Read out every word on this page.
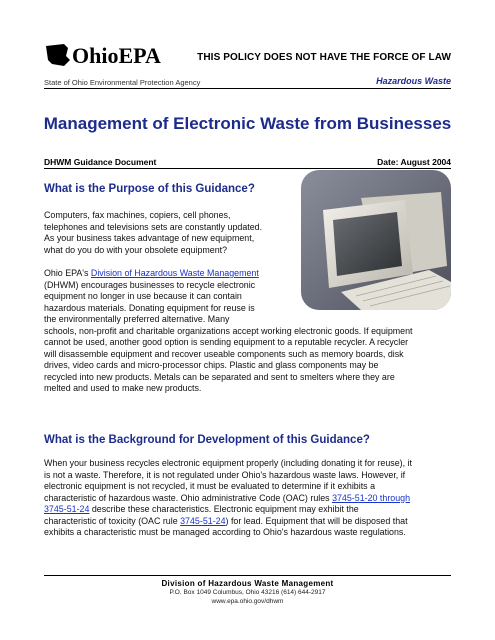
OhioEPA	THIS POLICY DOES NOT HAVE THE FORCE OF LAW
State of Ohio Environmental Protection Agency	Hazardous Waste
Management of Electronic Waste from Businesses
DHWM Guidance Document	Date: August 2004
What is the Purpose of this Guidance?

Computers, fax machines, copiers, cell phones,

telephones and televisions sets are constantly updated.

As your business takes advantage of new equipment,

what do you do with your obsolete equipment?

Ohio EPA's Division of Hazardous Waste Management

(DHWM) encourages businesses to recycle electronic

equipment no longer in use because it can contain

hazardous materials. Donating equipment for reuse is

the environmentally preferred alternative. Many

schools, non-profit and charitable organizations accept working electronic goods. If equipment

cannot be used, another good option is sending equipment to a reputable recycler. A recycler

will disassemble equipment and recover useable components such as memory boards, disk

drives, video cards and micro-processor chips. Plastic and glass components may be

recycled into new products. Metals can be separated and sent to smelters where they are

melted and used to make new products.

What is the Background for Development of this Guidance?

When your business recycles electronic equipment properly (including donating it for reuse), it

is not a waste. Therefore, it is not regulated under Ohio's hazardous waste laws. However, if

electronic equipment is not recycled, it must be evaluated to determine if it exhibits a

characteristic of hazardous waste. Ohio administrative Code (OAC) rules 3745-51-20 through

3745-51-24 describe these characteristics. Electronic equipment may exhibit the

characteristic of toxicity (OAC rule 3745-51-24) for lead. Equipment that will be disposed that

exhibits a characteristic must be managed according to Ohio's hazardous waste regulations.

Division of Hazardous Waste Management
P.O. Box 1049 Columbus, Ohio 43216 (614) 644-2917
www.epa.ohio.gov/dhwm
